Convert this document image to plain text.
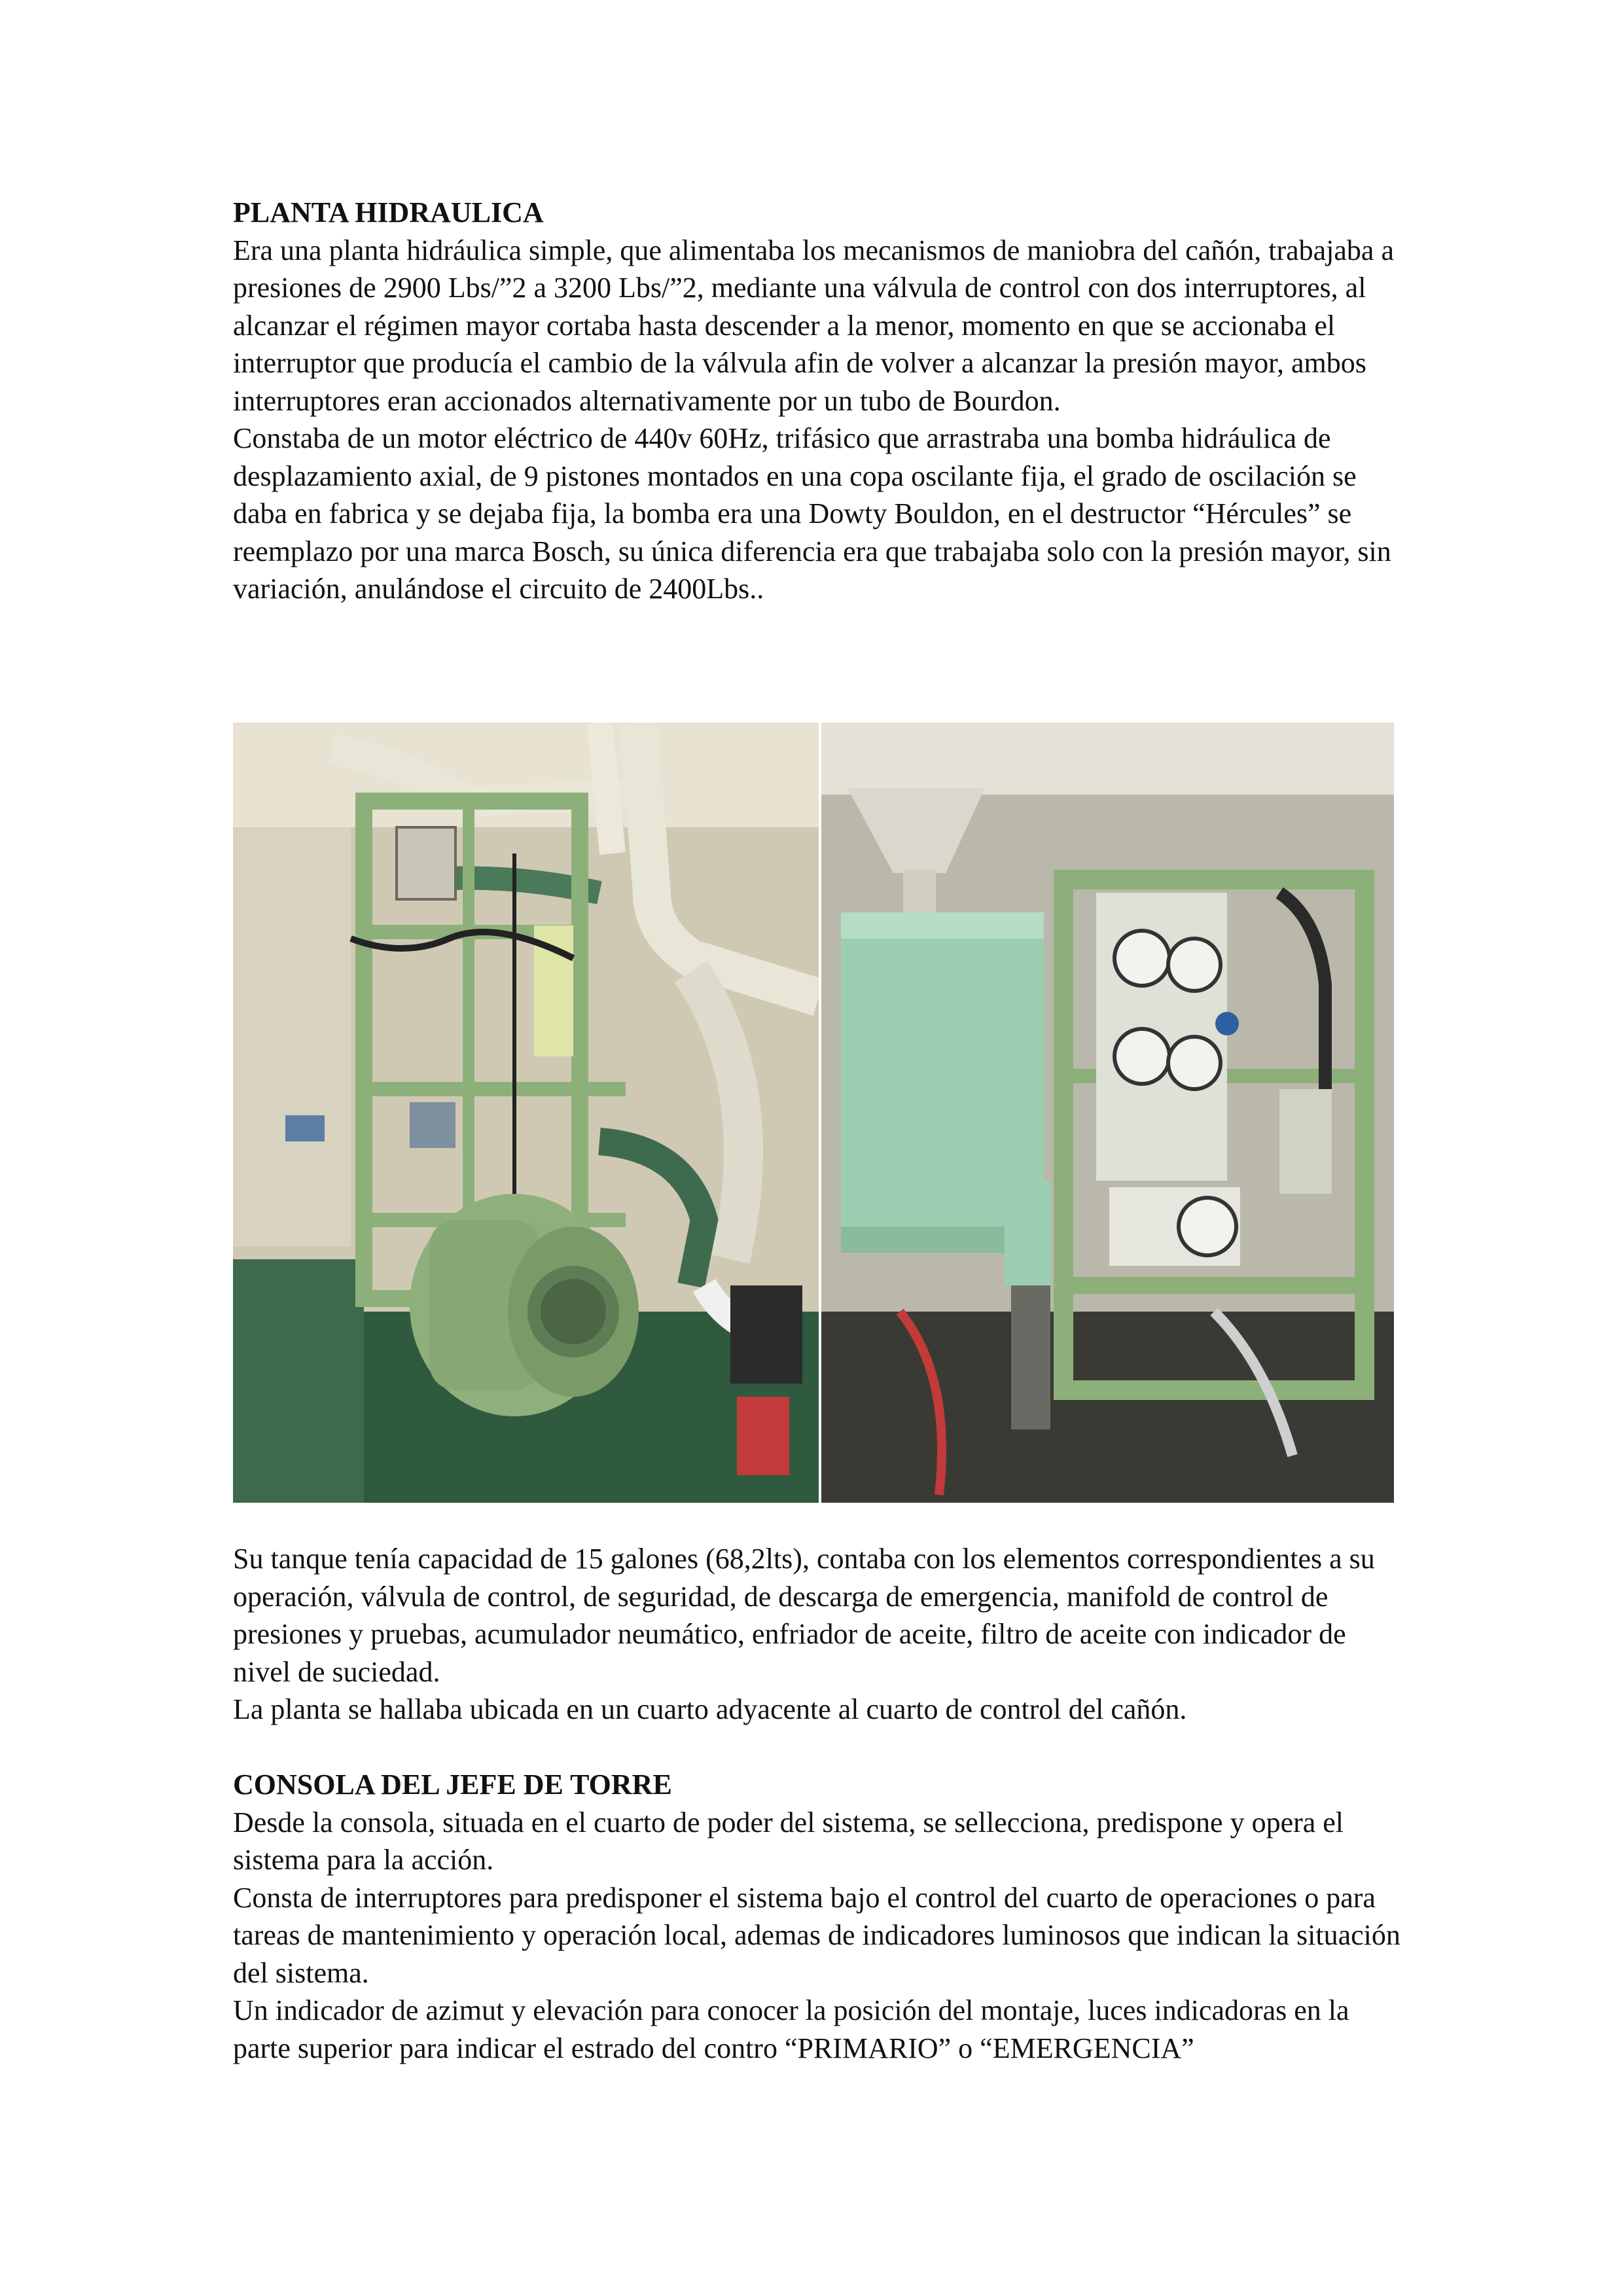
PLANTA HIDRAULICA

Era una planta hidráulica simple, que alimentaba los mecanismos de maniobra del cañón, trabajaba a presiones de 2900 Lbs/”2 a 3200 Lbs/”2, mediante una válvula de control con dos interruptores, al alcanzar el régimen mayor cortaba hasta descender a la menor, momento en que se accionaba el interruptor que producía el cambio de la válvula afin de volver a alcanzar la presión mayor, ambos interruptores eran accionados alternativamente por un tubo de Bourdon.

Constaba de un motor eléctrico de 440v 60Hz, trifásico que arrastraba una bomba hidráulica de desplazamiento axial, de 9 pistones montados en una copa oscilante fija, el grado de oscilación se daba en fabrica y se dejaba fija, la bomba era una Dowty Bouldon, en el destructor “Hércules” se reemplazo por una marca Bosch, su única diferencia era que trabajaba solo con la presión mayor, sin variación, anulándose el circuito de 2400Lbs..

Su tanque tenía capacidad de 15 galones (68,2lts), contaba con los elementos correspondientes a su operación, válvula de control, de seguridad, de descarga de emergencia, manifold de control de presiones y pruebas, acumulador neumático, enfriador de aceite, filtro de aceite con indicador de nivel de suciedad.

La planta se hallaba ubicada en un cuarto adyacente al cuarto de control del cañón.

CONSOLA DEL JEFE DE TORRE

Desde la consola, situada en el cuarto de poder del sistema, se sellecciona, predispone y opera el sistema para la acción.

Consta de interruptores para predisponer el sistema bajo el control del cuarto de operaciones o para tareas de mantenimiento y operación local, ademas de indicadores luminosos que indican la situación del sistema.

Un indicador de azimut y elevación para conocer la posición del montaje, luces indicadoras en la parte superior para indicar el estrado del contro “PRIMARIO” o “EMERGENCIA”
